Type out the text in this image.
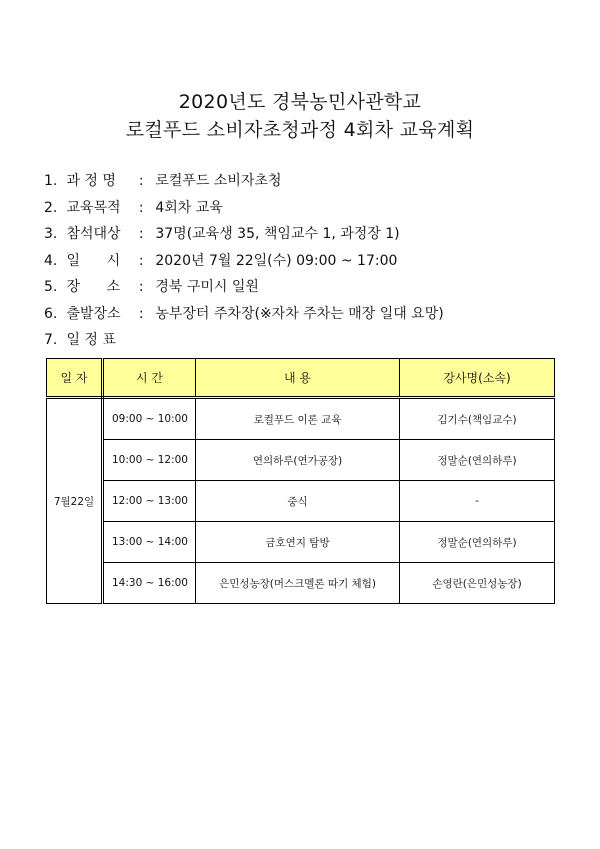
2020년도 경북농민사관학교
로컬푸드 소비자초청과정 4회차 교육계획
1. 과 정 명 : 로컬푸드 소비자초청
2. 교육목적 : 4회차 교육
3. 참석대상 : 37명(교육생 35, 책임교수 1, 과정장 1)
4. 일      시 : 2020년 7월 22일(수) 09:00 ~ 17:00
5. 장      소 : 경북 구미시 일원
6. 출발장소 : 농부장터 주차장(※자차 주차는 매장 일대 요망)
7. 일 정 표
일 자	시 간	내 용	강사명(소속)
7월22일	09:00 ~ 10:00	로컬푸드 이론 교육	김기수(책임교수)
	10:00 ~ 12:00	연의하루(연가공장)	정말순(연의하루)
	12:00 ~ 13:00	중식	-
	13:00 ~ 14:00	금호연지 탐방	정말순(연의하루)
	14:30 ~ 16:00	은민성농장(머스크멜론 따기 체험)	손영란(은민성농장)
